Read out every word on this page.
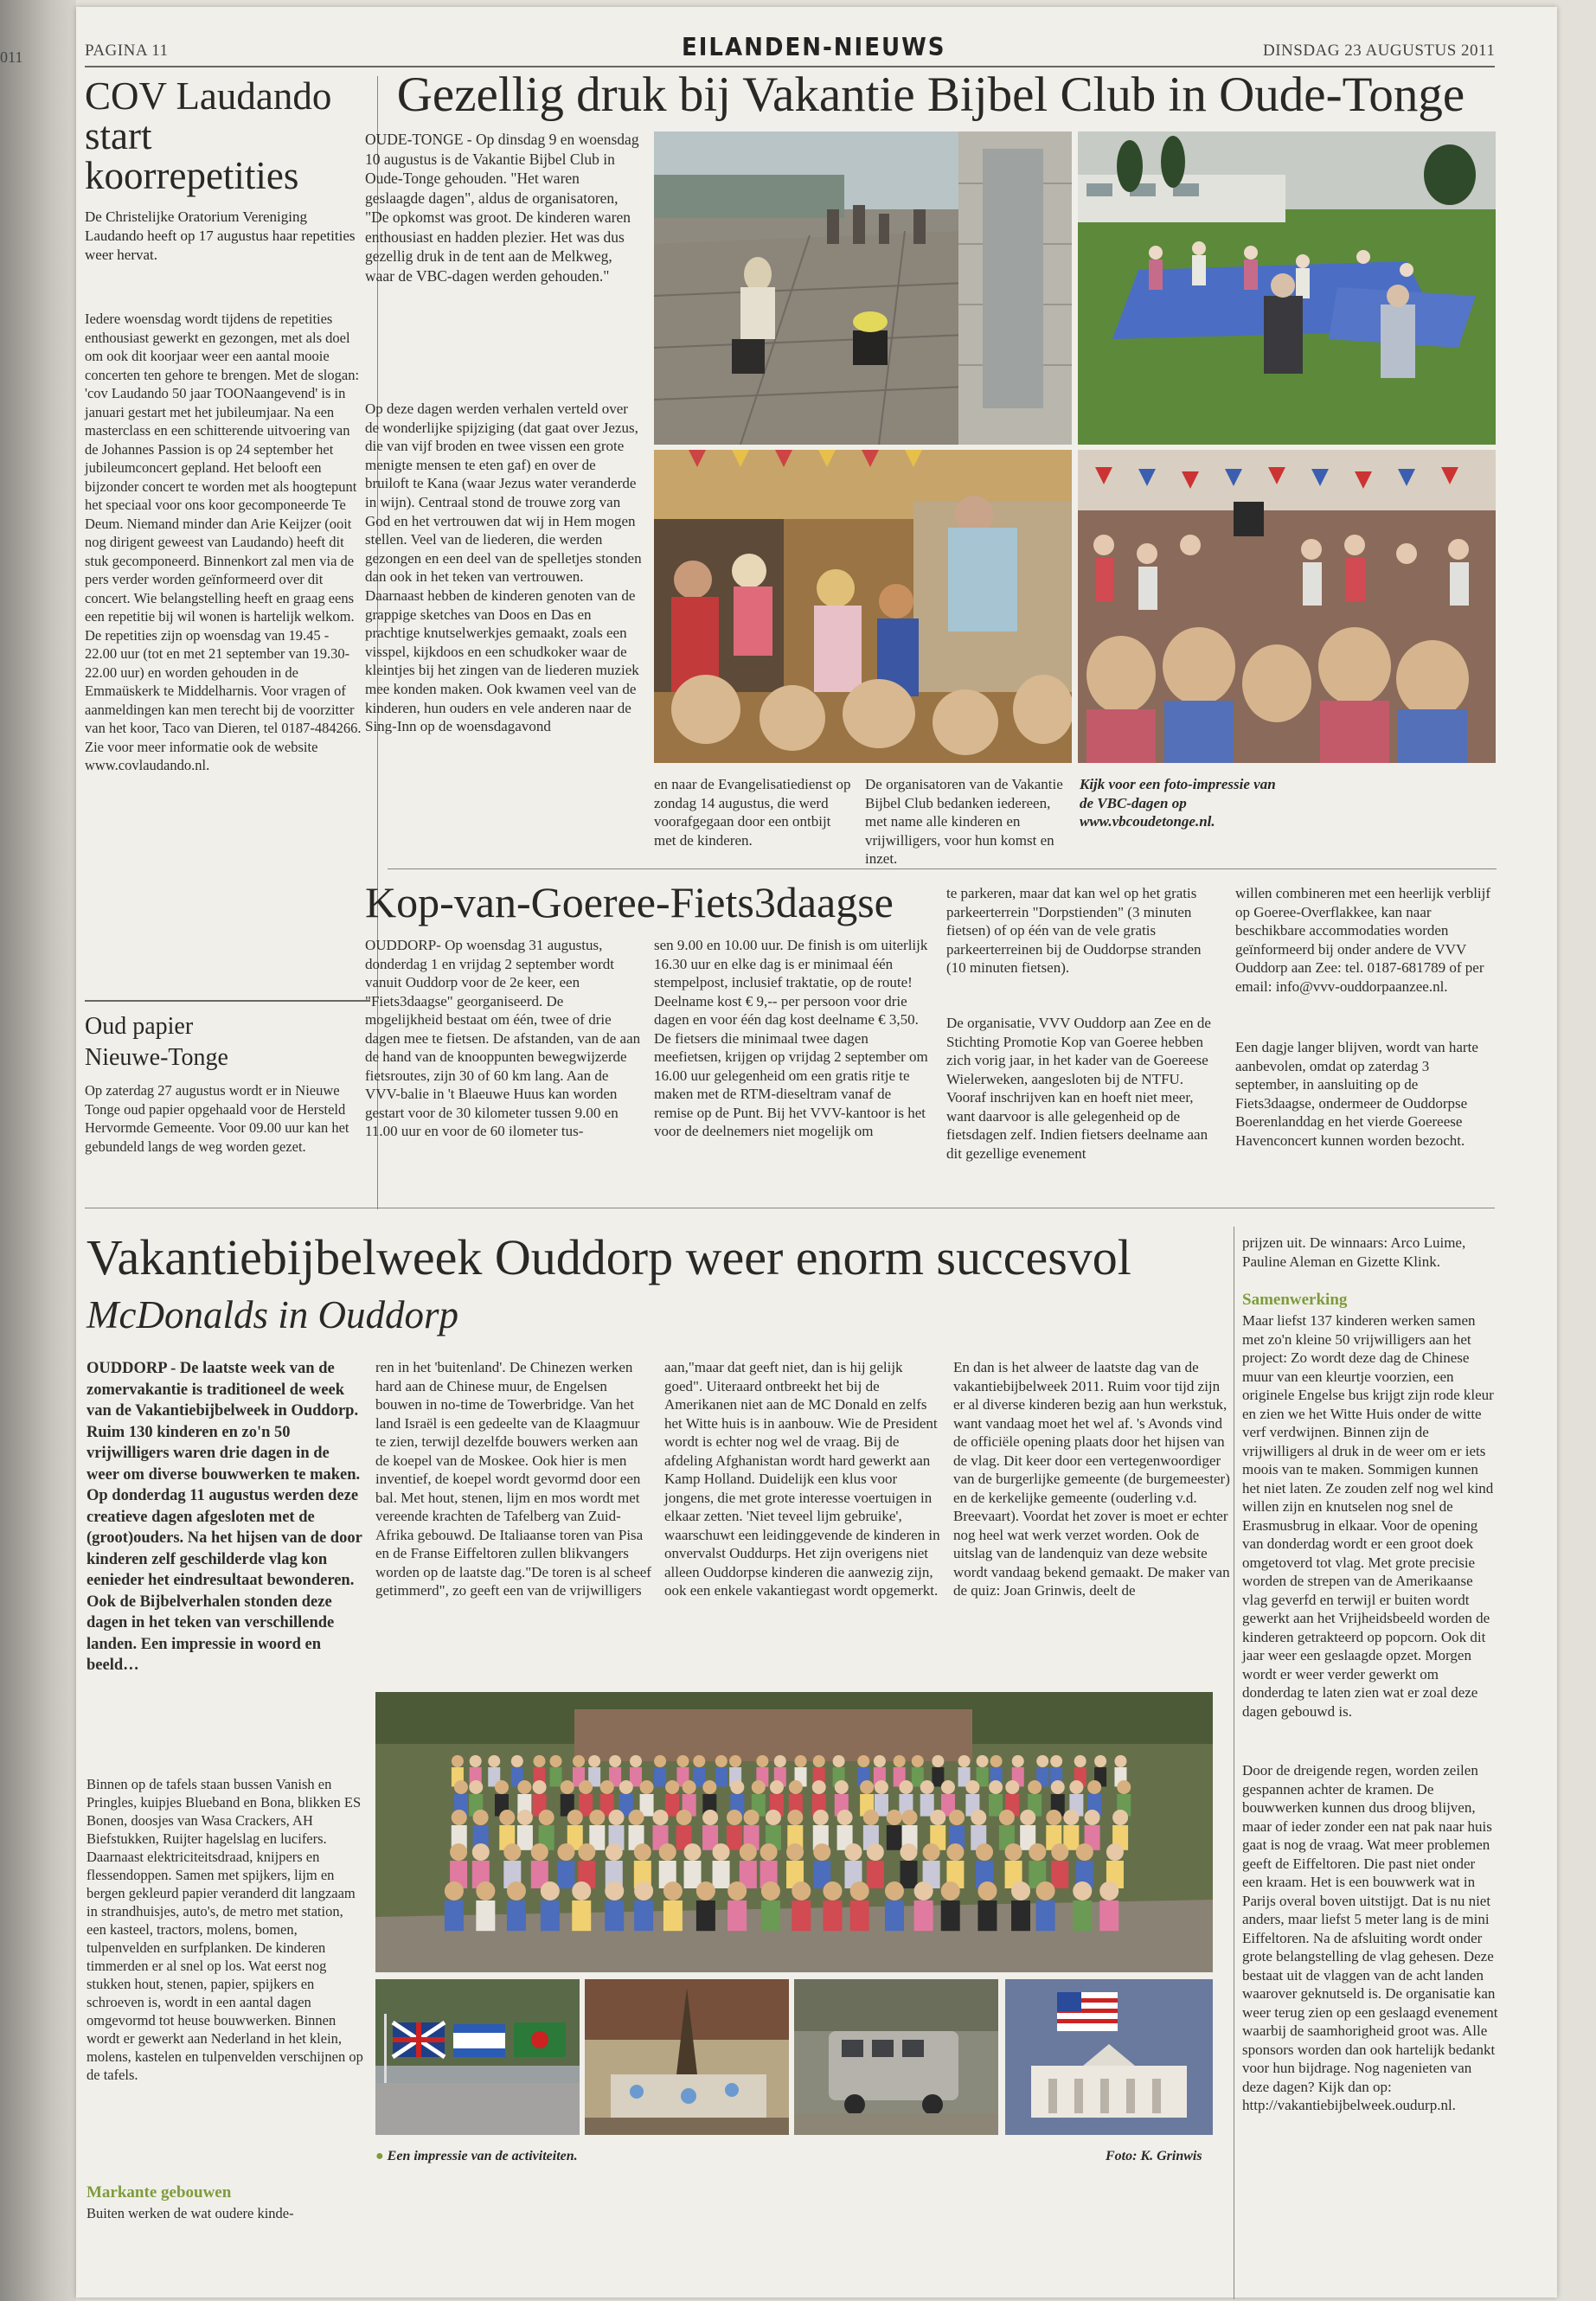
011	PAGINA 11	EILANDEN-NIEUWS	DINSDAG 23 AUGUSTUS 2011
COV Laudando start koorrepetities
De Christelijke Oratorium Vereniging Laudando heeft op 17 augustus haar repetities weer hervat.
Iedere woensdag wordt tijdens de repetities enthousiast gewerkt en gezongen, met als doel om ook dit koorjaar weer een aantal mooie concerten ten gehore te brengen. Met de slogan: 'cov Laudando 50 jaar TOONaangevend' is in januari gestart met het jubileumjaar. Na een masterclass en een schitterende uitvoering van de Johannes Passion is op 24 september het jubileumconcert gepland. Het belooft een bijzonder concert te worden met als hoogtepunt het speciaal voor ons koor gecomponeerde Te Deum. Niemand minder dan Arie Keijzer (ooit nog dirigent geweest van Laudando) heeft dit stuk gecomponeerd. Binnenkort zal men via de pers verder worden geïnformeerd over dit concert. Wie belangstelling heeft en graag eens een repetitie bij wil wonen is hartelijk welkom. De repetities zijn op woensdag van 19.45 - 22.00 uur (tot en met 21 september van 19.30-22.00 uur) en worden gehouden in de Emmaüskerk te Middelharnis. Voor vragen of aanmeldingen kan men terecht bij de voorzitter van het koor, Taco van Dieren, tel 0187-484266. Zie voor meer informatie ook de website www.covlaudando.nl.
Oud papier
Nieuwe-Tonge
Op zaterdag 27 augustus wordt er in Nieuwe Tonge oud papier opgehaald voor de Hersteld Hervormde Gemeente. Voor 09.00 uur kan het gebundeld langs de weg worden gezet.
Gezellig druk bij Vakantie Bijbel Club in Oude-Tonge
OUDE-TONGE - Op dinsdag 9 en woensdag 10 augustus is de Vakantie Bijbel Club in Oude-Tonge gehouden. "Het waren geslaagde dagen", aldus de organisatoren, "De opkomst was groot. De kinderen waren enthousiast en hadden plezier. Het was dus gezellig druk in de tent aan de Melkweg, waar de VBC-dagen werden gehouden."
Op deze dagen werden verhalen verteld over de wonderlijke spijziging (dat gaat over Jezus, die van vijf broden en twee vissen een grote menigte mensen te eten gaf) en over de bruiloft te Kana (waar Jezus water veranderde in wijn). Centraal stond de trouwe zorg van God en het vertrouwen dat wij in Hem mogen stellen. Veel van de liederen, die werden gezongen en een deel van de spelletjes stonden dan ook in het teken van vertrouwen. Daarnaast hebben de kinderen genoten van de grappige sketches van Doos en Das en prachtige knutselwerkjes gemaakt, zoals een visspel, kijkdoos en een schudkoker waar de kleintjes bij het zingen van de liederen muziek mee konden maken. Ook kwamen veel van de kinderen, hun ouders en vele anderen naar de Sing-Inn op de woensdagavond
en naar de Evangelisatiedienst op zondag 14 augustus, die werd voorafgegaan door een ontbijt met de kinderen.
De organisatoren van de Vakantie Bijbel Club bedanken iedereen, met name alle kinderen en vrijwilligers, voor hun komst en inzet.
Kijk voor een foto-impressie van de VBC-dagen op www.vbcoudetonge.nl.
Kop-van-Goeree-Fiets3daagse
OUDDORP- Op woensdag 31 augustus, donderdag 1 en vrijdag 2 september wordt vanuit Ouddorp voor de 2e keer, een "Fiets3daagse" georganiseerd. De mogelijkheid bestaat om één, twee of drie dagen mee te fietsen. De afstanden, van de aan de hand van de knooppunten bewegwijzerde fietsroutes, zijn 30 of 60 km lang. Aan de VVV-balie in 't Blaeuwe Huus kan worden gestart voor de 30 kilometer tussen 9.00 en 11.00 uur en voor de 60 ilometer tus-
sen 9.00 en 10.00 uur. De finish is om uiterlijk 16.30 uur en elke dag is er minimaal één stempelpost, inclusief traktatie, op de route! Deelname kost € 9,-- per persoon voor drie dagen en voor één dag kost deelname € 3,50. De fietsers die minimaal twee dagen meefietsen, krijgen op vrijdag 2 september om 16.00 uur gelegenheid om een gratis ritje te maken met de RTM-dieseltram vanaf de remise op de Punt. Bij het VVV-kantoor is het voor de deelnemers niet mogelijk om
te parkeren, maar dat kan wel op het gratis parkeerterrein "Dorpstienden" (3 minuten fietsen) of op één van de vele gratis parkeerterreinen bij de Ouddorpse stranden (10 minuten fietsen).
De organisatie, VVV Ouddorp aan Zee en de Stichting Promotie Kop van Goeree hebben zich vorig jaar, in het kader van de Goereese Wielerweken, aangesloten bij de NTFU. Vooraf inschrijven kan en hoeft niet meer, want daarvoor is alle gelegenheid op de fietsdagen zelf. Indien fietsers deelname aan dit gezellige evenement
willen combineren met een heerlijk verblijf op Goeree-Overflakkee, kan naar beschikbare accommodaties worden geïnformeerd bij onder andere de VVV Ouddorp aan Zee: tel. 0187-681789 of per email: info@vvv-ouddorpaanzee.nl.
Een dagje langer blijven, wordt van harte aanbevolen, omdat op zaterdag 3 september, in aansluiting op de Fiets3daagse, ondermeer de Ouddorpse Boerenlanddag en het vierde Goereese Havenconcert kunnen worden bezocht.
Vakantiebijbelweek Ouddorp weer enorm succesvol
McDonalds in Ouddorp
OUDDORP - De laatste week van de zomervakantie is traditioneel de week van de Vakantiebijbelweek in Ouddorp. Ruim 130 kinderen en zo'n 50 vrijwilligers waren drie dagen in de weer om diverse bouwwerken te maken. Op donderdag 11 augustus werden deze creatieve dagen afgesloten met de (groot)ouders. Na het hijsen van de door kinderen zelf geschilderde vlag kon eenieder het eindresultaat bewonderen. Ook de Bijbelverhalen stonden deze dagen in het teken van verschillende landen. Een impressie in woord en beeld…
Binnen op de tafels staan bussen Vanish en Pringles, kuipjes Blueband en Bona, blikken ES Bonen, doosjes van Wasa Crackers, AH Biefstukken, Ruijter hagelslag en lucifers. Daarnaast elektriciteitsdraad, knijpers en flessendoppen. Samen met spijkers, lijm en bergen gekleurd papier veranderd dit langzaam in strandhuisjes, auto's, de metro met station, een kasteel, tractors, molens, bomen, tulpenvelden en surfplanken. De kinderen timmerden er al snel op los. Wat eerst nog stukken hout, stenen, papier, spijkers en schroeven is, wordt in een aantal dagen omgevormd tot heuse bouwwerken. Binnen wordt er gewerkt aan Nederland in het klein, molens, kastelen en tulpenvelden verschijnen op de tafels.
Markante gebouwen
Buiten werken de wat oudere kinde-
ren in het 'buitenland'. De Chinezen werken hard aan de Chinese muur, de Engelsen bouwen in no-time de Towerbridge. Van het land Israël is een gedeelte van de Klaagmuur te zien, terwijl dezelfde bouwers werken aan de koepel van de Moskee. Ook hier is men inventief, de koepel wordt gevormd door een bal. Met hout, stenen, lijm en mos wordt met vereende krachten de Tafelberg van Zuid-Afrika gebouwd. De Italiaanse toren van Pisa en de Franse Eiffeltoren zullen blikvangers worden op de laatste dag."De toren is al scheef getimmerd", zo geeft een van de vrijwilligers
aan,"maar dat geeft niet, dan is hij gelijk goed". Uiteraard ontbreekt het bij de Amerikanen niet aan de MC Donald en zelfs het Witte huis is in aanbouw. Wie de President wordt is echter nog wel de vraag. Bij de afdeling Afghanistan wordt hard gewerkt aan Kamp Holland. Duidelijk een klus voor jongens, die met grote interesse voertuigen in elkaar zetten. 'Niet teveel lijm gebruike', waarschuwt een leidinggevende de kinderen in onvervalst Ouddurps. Het zijn overigens niet alleen Ouddorpse kinderen die aanwezig zijn, ook een enkele vakantiegast wordt opgemerkt.
En dan is het alweer de laatste dag van de vakantiebijbelweek 2011. Ruim voor tijd zijn er al diverse kinderen bezig aan hun werkstuk, want vandaag moet het wel af. 's Avonds vind de officiële opening plaats door het hijsen van de vlag. Dit keer door een vertegenwoordiger van de burgerlijke gemeente (de burgemeester) en de kerkelijke gemeente (ouderling v.d. Breevaart). Voordat het zover is moet er echter nog heel wat werk verzet worden. Ook de uitslag van de landenquiz van deze website wordt vandaag bekend gemaakt. De maker van de quiz: Joan Grinwis, deelt de
prijzen uit. De winnaars: Arco Luime, Pauline Aleman en Gizette Klink.
Samenwerking
Maar liefst 137 kinderen werken samen met zo'n kleine 50 vrijwilligers aan het project: Zo wordt deze dag de Chinese muur van een kleurtje voorzien, een originele Engelse bus krijgt zijn rode kleur en zien we het Witte Huis onder de witte verf verdwijnen. Binnen zijn de vrijwilligers al druk in de weer om er iets moois van te maken. Sommigen kunnen het niet laten. Ze zouden zelf nog wel kind willen zijn en knutselen nog snel de Erasmusbrug in elkaar. Voor de opening van donderdag wordt er een groot doek omgetoverd tot vlag. Met grote precisie worden de strepen van de Amerikaanse vlag geverfd en terwijl er buiten wordt gewerkt aan het Vrijheidsbeeld worden de kinderen getrakteerd op popcorn. Ook dit jaar weer een geslaagde opzet. Morgen wordt er weer verder gewerkt om donderdag te laten zien wat er zoal deze dagen gebouwd is.
Door de dreigende regen, worden zeilen gespannen achter de kramen. De bouwwerken kunnen dus droog blijven, maar of ieder zonder een nat pak naar huis gaat is nog de vraag. Wat meer problemen geeft de Eiffeltoren. Die past niet onder een kraam. Het is een bouwwerk wat in Parijs overal boven uitstijgt. Dat is nu niet anders, maar liefst 5 meter lang is de mini Eiffeltoren. Na de afsluiting wordt onder grote belangstelling de vlag gehesen. Deze bestaat uit de vlaggen van de acht landen waarover geknutseld is. De organisatie kan weer terug zien op een geslaagd evenement waarbij de saamhorigheid groot was. Alle sponsors worden dan ook hartelijk bedankt voor hun bijdrage. Nog nagenieten van deze dagen? Kijk dan op: http://vakantiebijbelweek.oudurp.nl.
● Een impressie van de activiteiten.	Foto: K. Grinwis
